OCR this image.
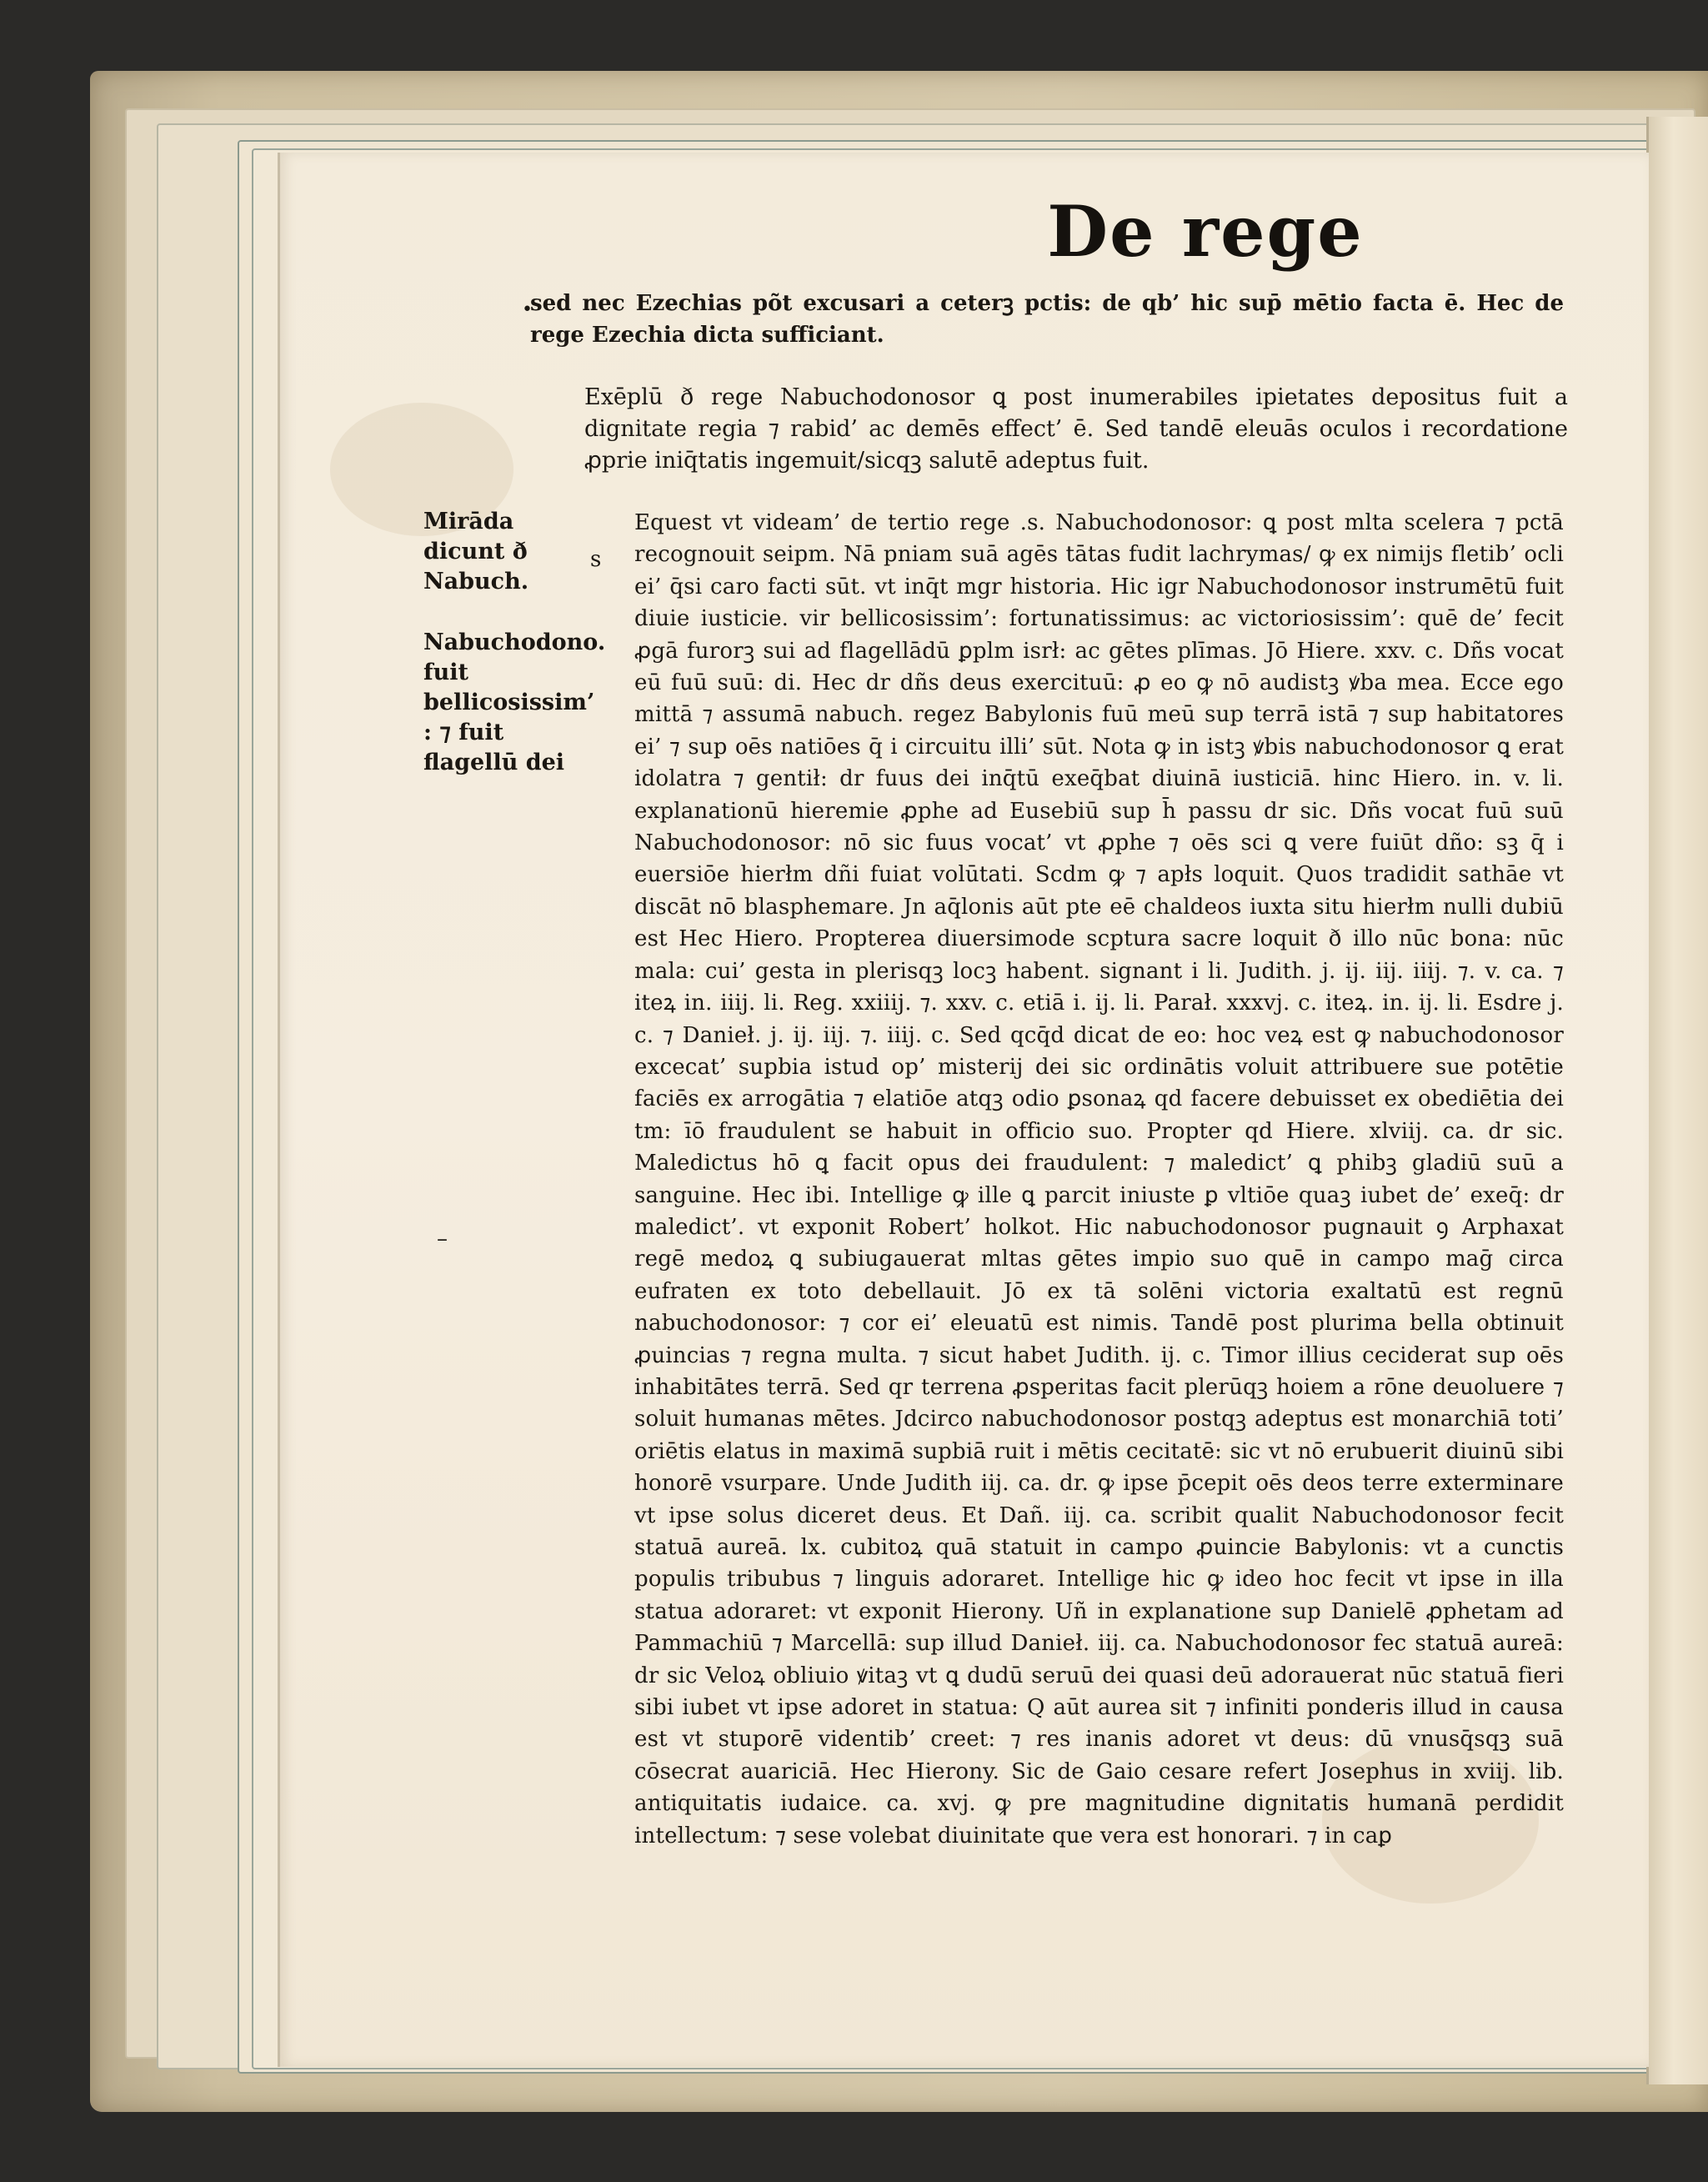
De rege
•

sed nec Ezechias põt excusari a ceterꝫ pctis: de qb’ hic sup̄ mētio facta ē. Hec de rege Ezechia dicta sufficiant.

Exēplū ð rege Nabuchodonosor ꝗ post inumerabiles ipietates depositus fuit a dignitate regia ⁊ rabid’ ac demēs effect’ ē. Sed tandē eleuās oculos i recordatione ꝓprie iniq̄tatis ingemuit/sicqꝫ salutē adeptus fuit.

Mirāda dicunt ð Nabuch.

Nabuchodono. fuit bellicosissim’ : ⁊ fuit flagellū dei

s
–

Equest vt videam’ de tertio rege .s. Nabuchodonosor: ꝗ post mlta scelera ⁊ pctā recognouit seipm. Nā pniam suā agēs tātas fudit lachrymas/ ꝙ ex nimijs fletib’ ocli ei’ q̄si caro facti sūt. vt inq̄t mgr historia. Hic igr Nabuchodonosor instrumētū fuit diuie iusticie. vir bellicosissim’: fortunatissimus: ac victoriosissim’: quē de’ fecit ꝓgā furorꝫ sui ad flagellādū ꝑplm isrł: ac gētes plīmas. Jō Hiere. xxv. c. Dñs vocat eū fuū suū: di. Hec dr dñs deus exercituū: ꝓ eo ꝙ nō audistꝫ ꝟba mea. Ecce ego mittā ⁊ assumā nabuch. regez Babylonis fuū meū sup terrā istā ⁊ sup habitatores ei’ ⁊ sup oēs natiōes q̄ i circuitu illi’ sūt. Nota ꝙ in istꝫ ꝟbis nabuchodonosor ꝗ erat idolatra ⁊ gentił: dr fuus dei inq̄tū exeq̄bat diuinā iusticiā. hinc Hiero. in. v. li. explanationū hieremie ꝓphe ad Eusebiū sup h̄ passu dr sic. Dñs vocat fuū suū Nabuchodonosor: nō sic fuus vocat’ vt ꝓphe ⁊ oēs sci ꝗ vere fuiūt dño: sꝫ q̄ i euersiōe hierłm dñi fuiat volūtati. Scdm ꝙ ⁊ apłs loquit. Quos tradidit sathāe vt discāt nō blasphemare. Jn aq̄lonis aūt pte eē chaldeos iuxta situ hierłm nulli dubiū est Hec Hiero. Propterea diuersimode scptura sacre loquit ð illo nūc bona: nūc mala: cui’ gesta in plerisqꝫ locꝫ habent. signant i li. Judith. j. ij. iij. iiij. ⁊. v. ca. ⁊ iteꝝ in. iiij. li. Reg. xxiiij. ⁊. xxv. c. etiā i. ij. li. Parał. xxxvj. c. iteꝝ. in. ij. li. Esdre j. c. ⁊ Danieł. j. ij. iij. ⁊. iiij. c. Sed qcq̄d dicat de eo: hoc veꝝ est ꝙ nabuchodonosor excecat’ supbia istud op’ misterij dei sic ordinātis voluit attribuere sue potētie faciēs ex arrogātia ⁊ elatiōe atqꝫ odio ꝑsonaꝝ qd facere debuisset ex obediētia dei tm: īō fraudulent se habuit in officio suo. Propter qd Hiere. xlviij. ca. dr sic. Maledictus hō ꝗ facit opus dei fraudulent: ⁊ maledict’ ꝗ phibꝫ gladiū suū a sanguine. Hec ibi. Intellige ꝙ ille ꝗ parcit iniuste ꝑ vltiōe quaꝫ iubet de’ exeq̄: dr maledict’. vt exponit Robert’ holkot. Hic nabuchodonosor pugnauit ꝯ Arphaxat regē medoꝝ ꝗ subiugauerat mltas gētes impio suo quē in campo maḡ circa eufraten ex toto debellauit. Jō ex tā solēni victoria exaltatū est regnū nabuchodonosor: ⁊ cor ei’ eleuatū est nimis. Tandē post plurima bella obtinuit ꝓuincias ⁊ regna multa. ⁊ sicut habet Judith. ij. c. Timor illius ceciderat sup oēs inhabitātes terrā. Sed qr terrena ꝓsperitas facit plerūqꝫ hoiem a rōne deuoluere ⁊ soluit humanas mētes. Jdcirco nabuchodonosor postqꝫ adeptus est monarchiā toti’ oriētis elatus in maximā supbiā ruit i mētis cecitatē: sic vt nō erubuerit diuinū sibi honorē vsurpare. Unde Judith iij. ca. dr. ꝙ ipse p̄cepit oēs deos terre exterminare vt ipse solus diceret deus. Et Dañ. iij. ca. scribit qualit Nabuchodonosor fecit statuā aureā. lx. cubitoꝝ quā statuit in campo ꝓuincie Babylonis: vt a cunctis populis tribubus ⁊ linguis adoraret. Intellige hic ꝙ ideo hoc fecit vt ipse in illa statua adoraret: vt exponit Hierony. Uñ in explanatione sup Danielē ꝓphetam ad Pammachiū ⁊ Marcellā: sup illud Danieł. iij. ca. Nabuchodonosor fec statuā aureā: dr sic Veloꝝ obliuio ꝟitaꝫ vt ꝗ dudū seruū dei quasi deū adorauerat nūc statuā fieri sibi iubet vt ipse adoret in statua: Q aūt aurea sit ⁊ infiniti ponderis illud in causa est vt stuporē videntib’ creet: ⁊ res inanis adoret vt deus: dū vnusq̄sqꝫ suā cōsecrat auariciā. Hec Hierony. Sic de Gaio cesare refert Josephus in xviij. lib. antiquitatis iudaice. ca. xvj. ꝙ pre magnitudine dignitatis humanā perdidit intellectum: ⁊ sese volebat diuinitate que vera est honorari. ⁊ in caꝑ
